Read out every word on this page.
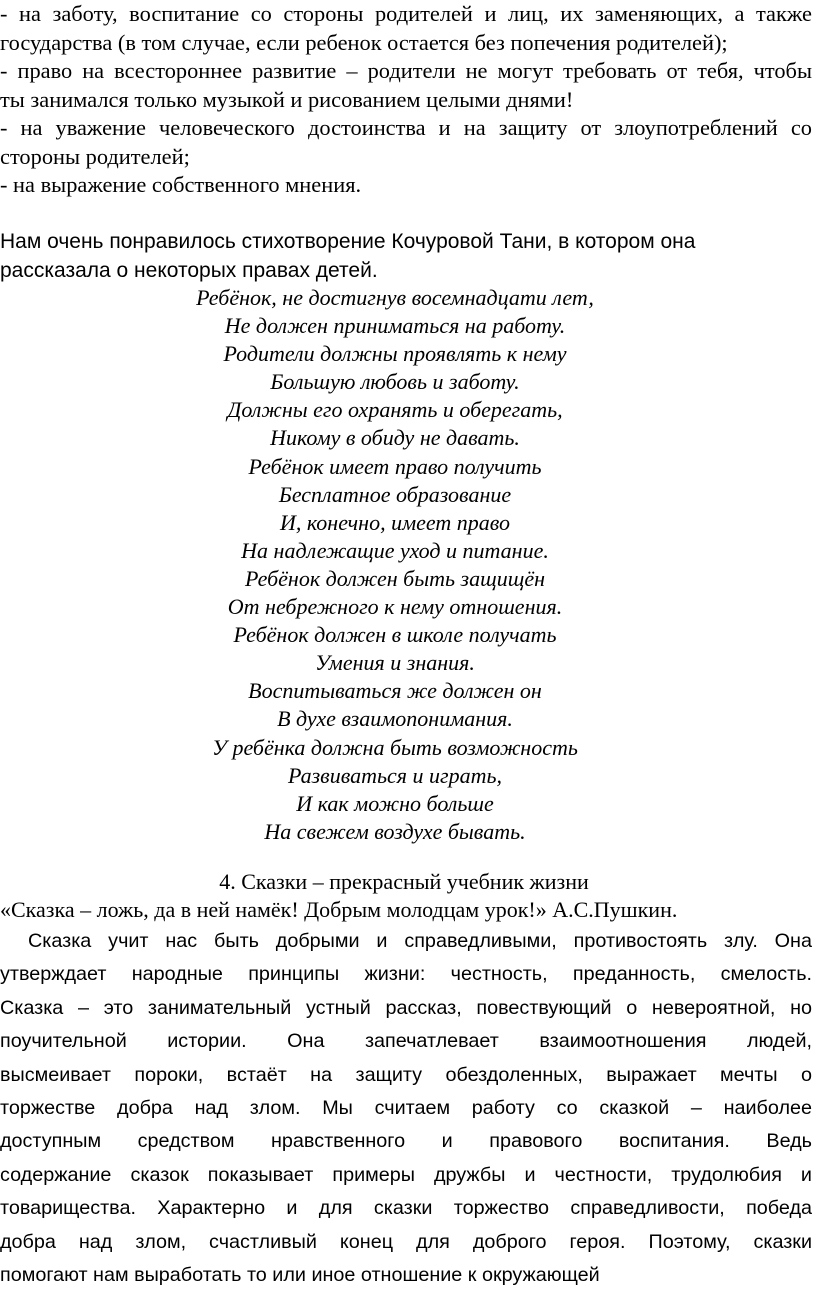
- на заботу, воспитание со стороны родителей и лиц, их заменяющих, а также
государства (в том случае, если ребенок остается без попечения родителей);
- право на всестороннее развитие – родители не могут требовать от тебя, чтобы
ты занимался только музыкой и рисованием целыми днями!
- на уважение человеческого достоинства и на защиту от злоупотреблений со
стороны родителей;
- на выражение собственного мнения.
Нам очень понравилось стихотворение Кочуровой Тани, в котором она
рассказала о некоторых правах детей.
Ребёнок, не достигнув восемнадцати лет,
Не должен приниматься на работу.
Родители должны проявлять к нему
Большую любовь и заботу.
Должны его охранять и оберегать,
Никому в обиду не давать.
Ребёнок имеет право получить
Бесплатное образование
И, конечно, имеет право
На надлежащие уход и питание.
Ребёнок должен быть защищён
От небрежного к нему отношения.
Ребёнок должен в школе получать
Умения и знания.
Воспитываться же должен он
В духе взаимопонимания.
У ребёнка должна быть возможность
Развиваться и играть,
И как можно больше
На свежем воздухе бывать.
4. Сказки – прекрасный учебник жизни
«Сказка – ложь, да в ней намёк! Добрым молодцам урок!» А.С.Пушкин.
Сказка учит нас быть добрыми и справедливыми, противостоять злу. Она
утверждает народные принципы жизни: честность, преданность, смелость.
Сказка – это занимательный устный рассказ, повествующий о невероятной, но
поучительной истории. Она запечатлевает взаимоотношения людей,
высмеивает пороки, встаёт на защиту обездоленных, выражает мечты о
торжестве добра над злом. Мы считаем работу со сказкой – наиболее
доступным средством нравственного и правового воспитания. Ведь
содержание сказок показывает примеры дружбы и честности, трудолюбия и
товарищества. Характерно и для сказки торжество справедливости, победа
добра над злом, счастливый конец для доброго героя. Поэтому, сказки
помогают нам выработать то или иное отношение к окружающей
